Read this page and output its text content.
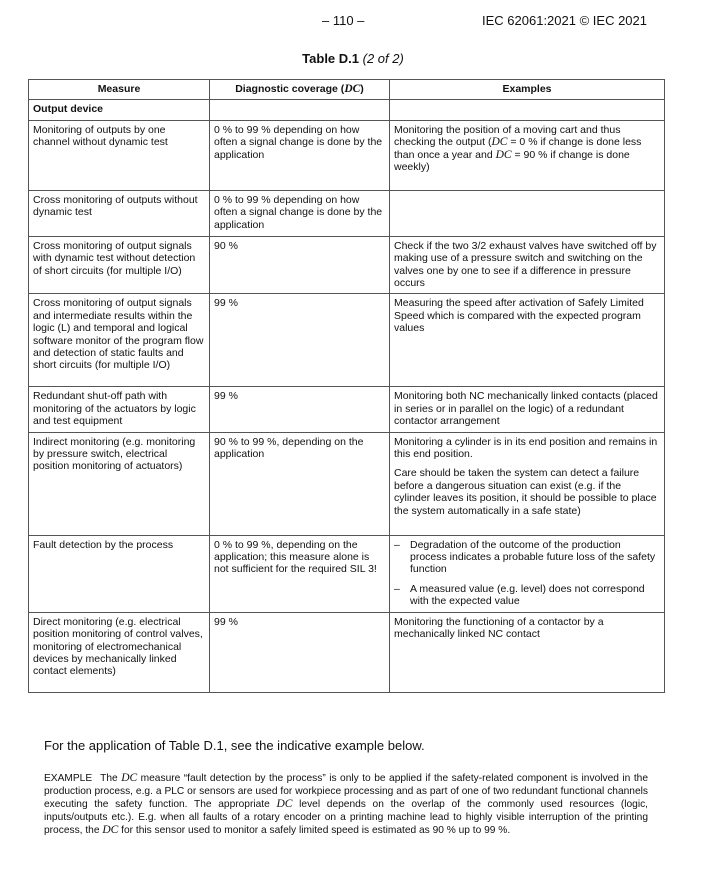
– 110 –	IEC 62061:2021 © IEC 2021
Table D.1 (2 of 2)
Measure	Diagnostic coverage (DC)	Examples
Output device		
Monitoring of outputs by one channel without dynamic test	0 % to 99 % depending on how often a signal change is done by the application	Monitoring the position of a moving cart and thus checking the output (DC = 0 % if change is done less than once a year and DC = 90 % if change is done weekly)
Cross monitoring of outputs without dynamic test	0 % to 99 % depending on how often a signal change is done by the application	
Cross monitoring of output signals with dynamic test without detection of short circuits (for multiple I/O)	90 %	Check if the two 3/2 exhaust valves have switched off by making use of a pressure switch and switching on the valves one by one to see if a difference in pressure occurs
Cross monitoring of output signals and intermediate results within the logic (L) and temporal and logical software monitor of the program flow and detection of static faults and short circuits (for multiple I/O)	99 %	Measuring the speed after activation of Safely Limited Speed which is compared with the expected program values
Redundant shut-off path with monitoring of the actuators by logic and test equipment	99 %	Monitoring both NC mechanically linked contacts (placed in series or in parallel on the logic) of a redundant contactor arrangement
Indirect monitoring (e.g. monitoring by pressure switch, electrical position monitoring of actuators)	90 % to 99 %, depending on the application	Monitoring a cylinder is in its end position and remains in this end position.

Care should be taken the system can detect a failure before a dangerous situation can exist (e.g. if the cylinder leaves its position, it should be possible to place the system automatically in a safe state)

Fault detection by the process	0 % to 99 %, depending on the application; this measure alone is not sufficient for the required SIL 3!	– Degradation of the outcome of the production process indicates a probable future loss of the safety function
– A measured value (e.g. level) does not correspond with the expected value

Direct monitoring (e.g. electrical position monitoring of control valves, monitoring of electromechanical devices by mechanically linked contact elements)	99 %	Monitoring the functioning of a contactor by a mechanically linked NC contact
For the application of Table D.1, see the indicative example below.

EXAMPLE The DC measure “fault detection by the process” is only to be applied if the safety-related component is involved in the production process, e.g. a PLC or sensors are used for workpiece processing and as part of one of two redundant functional channels executing the safety function. The appropriate DC level depends on the overlap of the commonly used resources (logic, inputs/outputs etc.). E.g. when all faults of a rotary encoder on a printing machine lead to highly visible interruption of the printing process, the DC for this sensor used to monitor a safely limited speed is estimated as 90 % up to 99 %.
